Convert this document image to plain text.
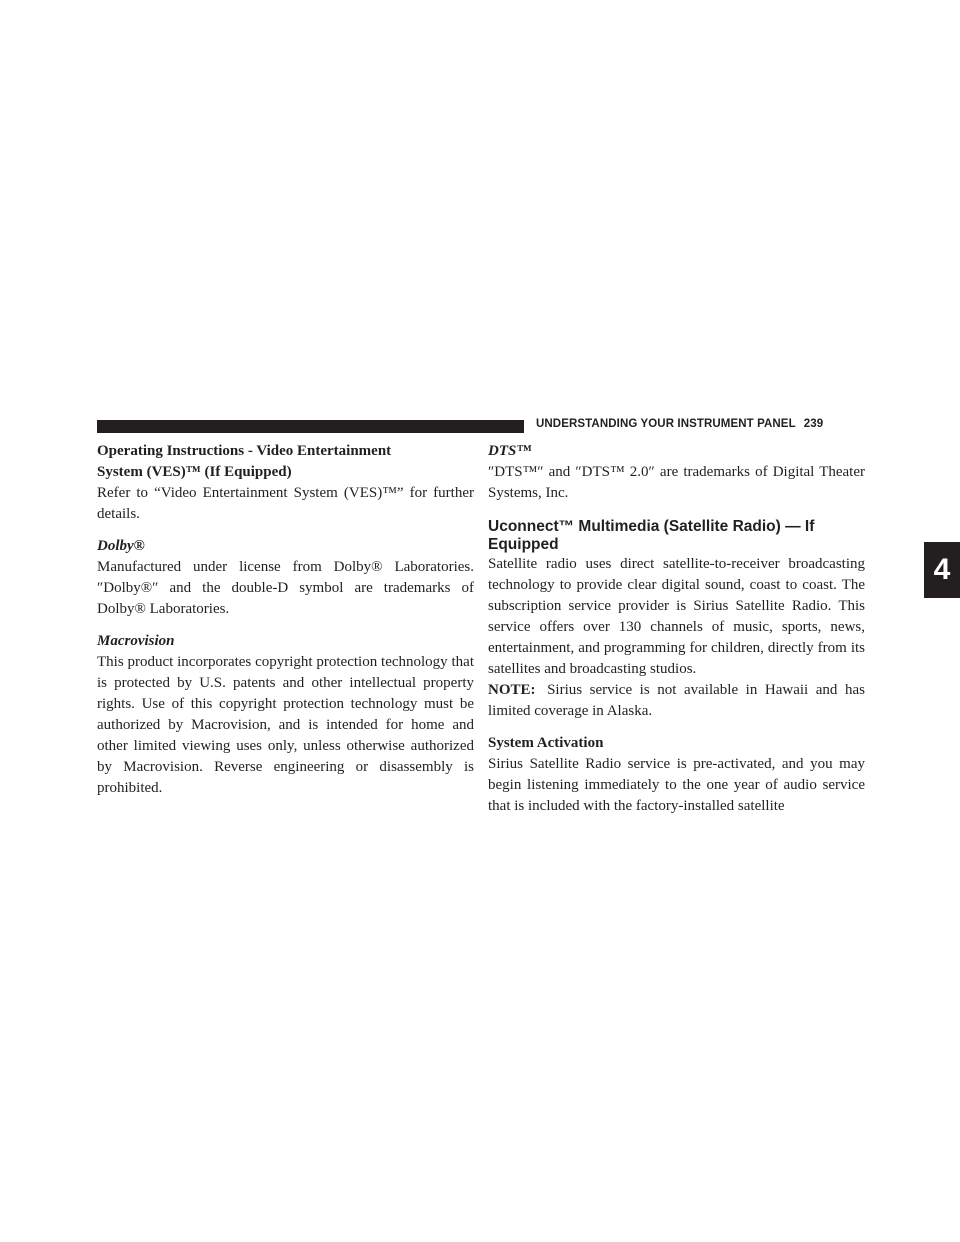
UNDERSTANDING YOUR INSTRUMENT PANEL 239
4
Operating Instructions - Video Entertainment
System (VES)™ (If Equipped)

Refer to “Video Entertainment System (VES)™” for further details.

Dolby®

Manufactured under license from Dolby® Laboratories. ″Dolby®″ and the double-D symbol are trademarks of Dolby® Laboratories.

Macrovision

This product incorporates copyright protection technology that is protected by U.S. patents and other intellectual property rights. Use of this copyright protection technology must be authorized by Macrovision, and is intended for home and other limited viewing uses only, unless otherwise authorized by Macrovision. Reverse engineering or disassembly is prohibited.

DTS™

″DTS™″ and ″DTS™ 2.0″ are trademarks of Digital Theater Systems, Inc.

Uconnect™ Multimedia (Satellite Radio) — If
Equipped

Satellite radio uses direct satellite-to-receiver broadcasting technology to provide clear digital sound, coast to coast. The subscription service provider is Sirius Satellite Radio. This service offers over 130 channels of music, sports, news, entertainment, and programming for children, directly from its satellites and broadcasting studios.

NOTE: Sirius service is not available in Hawaii and has limited coverage in Alaska.

System Activation

Sirius Satellite Radio service is pre-activated, and you may begin listening immediately to the one year of audio service that is included with the factory-installed satellite
